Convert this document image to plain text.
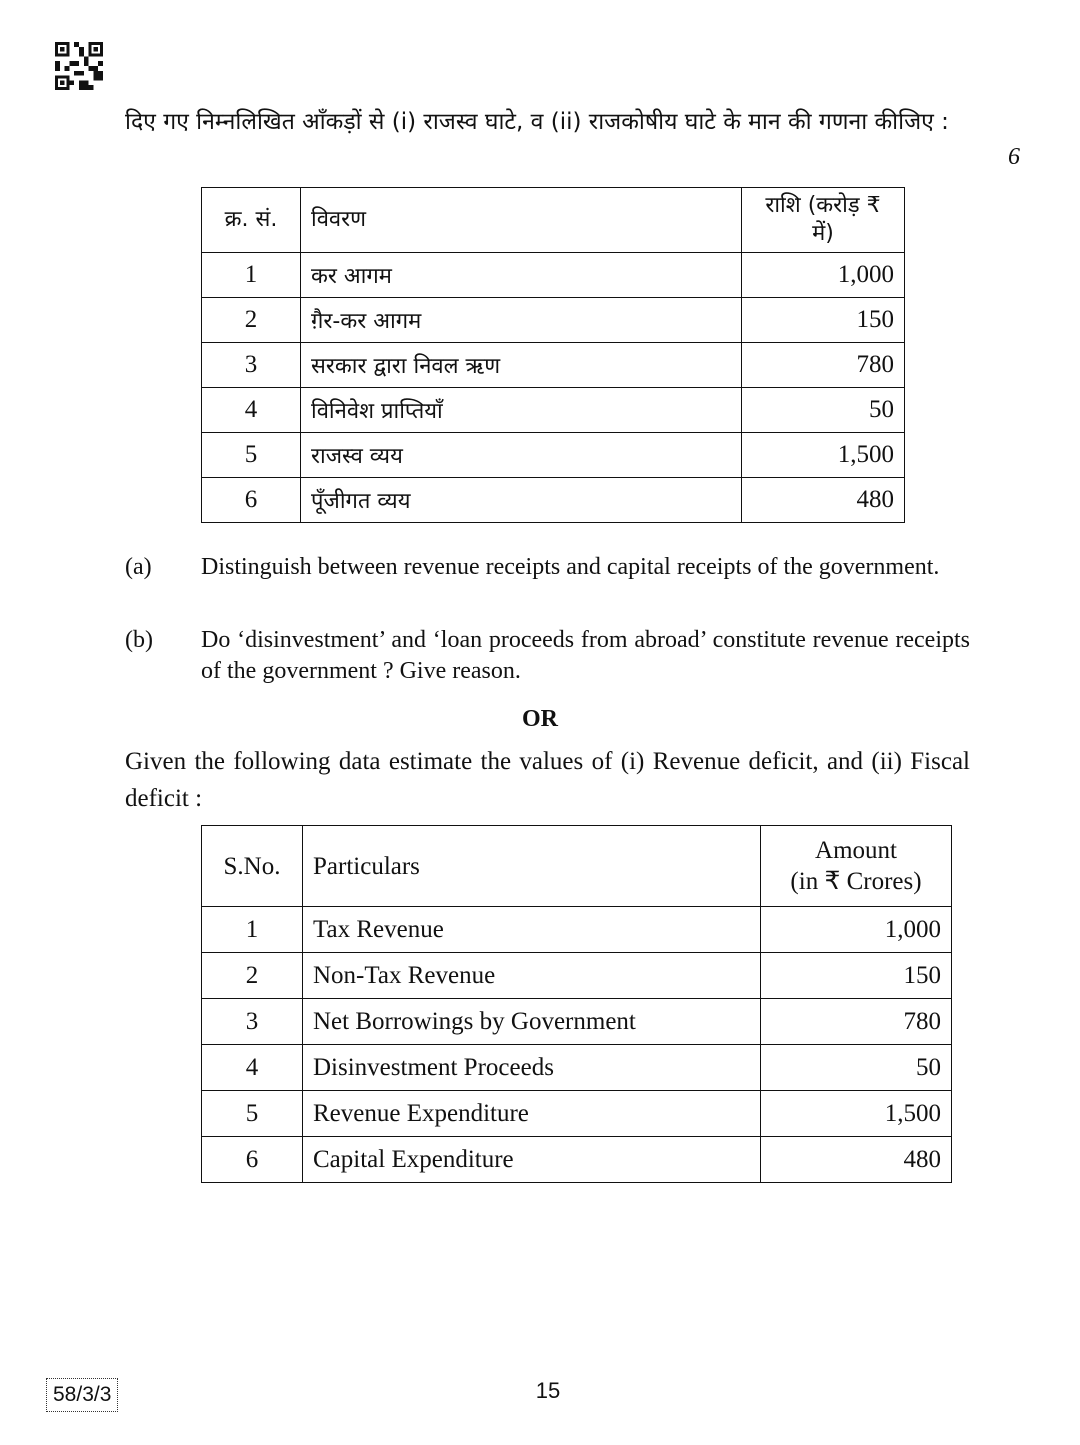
दिए गए निम्नलिखित आँकड़ों से (i) राजस्व घाटे, व (ii) राजकोषीय घाटे के मान की गणना कीजिए :
6
क्र. सं.	विवरण	राशि (करोड़ ₹ में)
1	कर आगम	1,000
2	ग़ैर-कर आगम	150
3	सरकार द्वारा निवल ऋण	780
4	विनिवेश प्राप्तियाँ	50
5	राजस्व व्यय	1,500
6	पूँजीगत व्यय	480
(a) Distinguish between revenue receipts and capital receipts of the government.
(b) Do ‘disinvestment’ and ‘loan proceeds from abroad’ constitute revenue receipts of the government ? Give reason.
OR
Given the following data estimate the values of (i) Revenue deficit, and (ii) Fiscal deficit :
S.No.	Particulars	Amount
(in ₹ Crores)

1	Tax Revenue	1,000
2	Non-Tax Revenue	150
3	Net Borrowings by Government	780
4	Disinvestment Proceeds	50
5	Revenue Expenditure	1,500
6	Capital Expenditure	480
58/3/3	15
